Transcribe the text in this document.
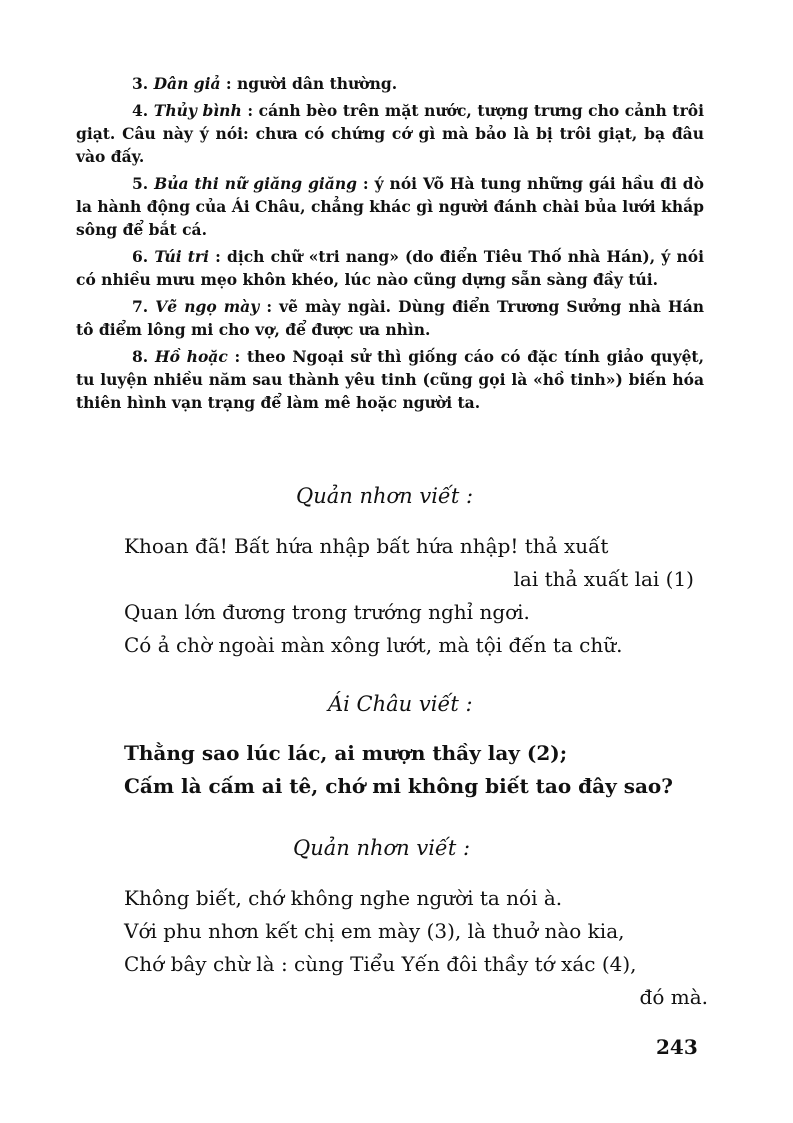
3. Dân giả : người dân thường.

4. Thủy bình : cánh bèo trên mặt nước, tượng trưng cho cảnh trôi giạt. Câu này ý nói: chưa có chứng cớ gì mà bảo là bị trôi giạt, bạ đâu vào đấy.

5. Bủa thi nữ giăng giăng : ý nói Võ Hà tung những gái hầu đi dò la hành động của Ái Châu, chẳng khác gì người đánh chài bủa lưới khắp sông để bắt cá.

6. Túi tri : dịch chữ «tri nang» (do điển Tiêu Thố nhà Hán), ý nói có nhiều mưu mẹo khôn khéo, lúc nào cũng dựng sẵn sàng đầy túi.

7. Vẽ ngọ mày : vẽ mày ngài. Dùng điển Trương Sưởng nhà Hán tô điểm lông mi cho vợ, để được ưa nhìn.

8. Hồ hoặc : theo Ngoại sử thì giống cáo có đặc tính giảo quyệt, tu luyện nhiều năm sau thành yêu tinh (cũng gọi là «hồ tinh») biến hóa thiên hình vạn trạng để làm mê hoặc người ta.

Quản nhơn viết :
Khoan đã! Bất hứa nhập bất hứa nhập! thả xuất
lai thả xuất lai (1)
Quan lớn đương trong trướng nghỉ ngơi.
Có ả chờ ngoài màn xông lướt, mà tội đến ta chữ.
Ái Châu viết :
Thằng sao lúc lác, ai mượn thầy lay (2);
Cấm là cấm ai tê, chớ mi không biết tao đây sao?
Quản nhơn viết :
Không biết, chớ không nghe người ta nói à.
Với phu nhơn kết chị em mày (3), là thuở nào kia,
Chớ bây chừ là : cùng Tiểu Yến đôi thầy tớ xác (4),
đó mà.
243
